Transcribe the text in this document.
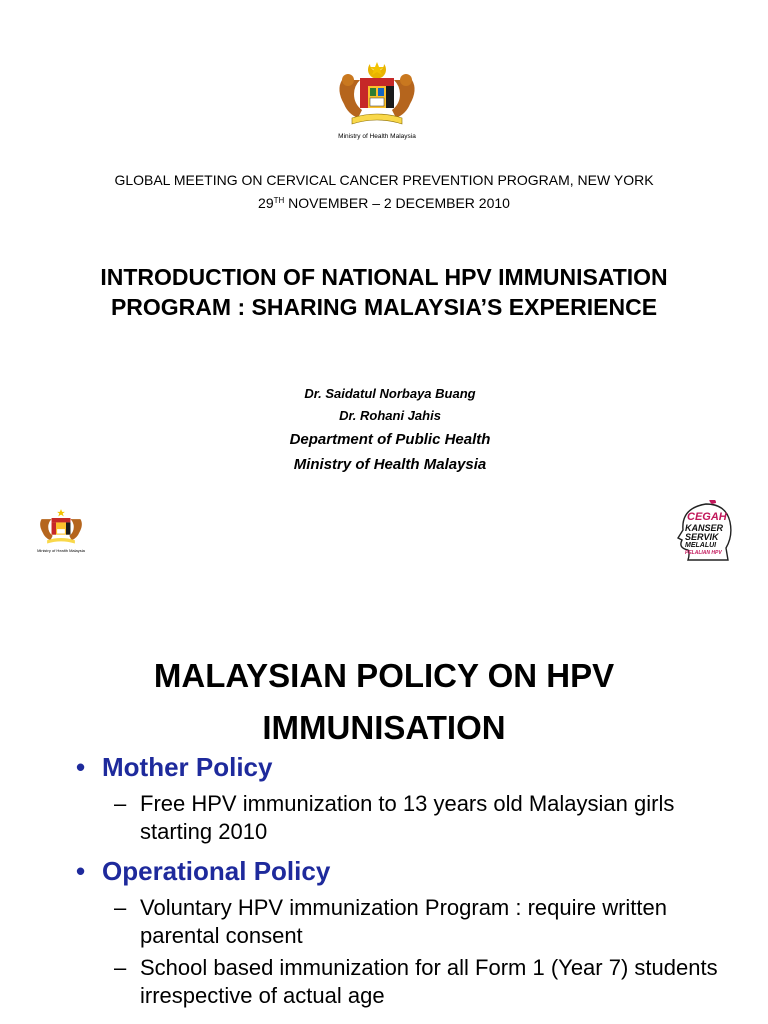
Ministry of Health Malaysia
GLOBAL MEETING ON CERVICAL CANCER PREVENTION PROGRAM, NEW YORK
29TH NOVEMBER – 2 DECEMBER 2010
INTRODUCTION OF NATIONAL HPV IMMUNISATION PROGRAM : SHARING MALAYSIA’S EXPERIENCE
Dr. Saidatul Norbaya Buang
Dr. Rohani Jahis
Department of Public Health
Ministry of Health Malaysia
Ministry of Health Malaysia
CEGAH
KANSER
SERVIK
MELALUI
PELALIAN HPV
MALAYSIAN POLICY ON HPV IMMUNISATION
• Mother Policy
– Free HPV immunization to 13 years old Malaysian girls starting 2010
• Operational Policy
– Voluntary HPV immunization Program : require written parental consent
– School based immunization for all Form 1 (Year 7) students irrespective of actual age
